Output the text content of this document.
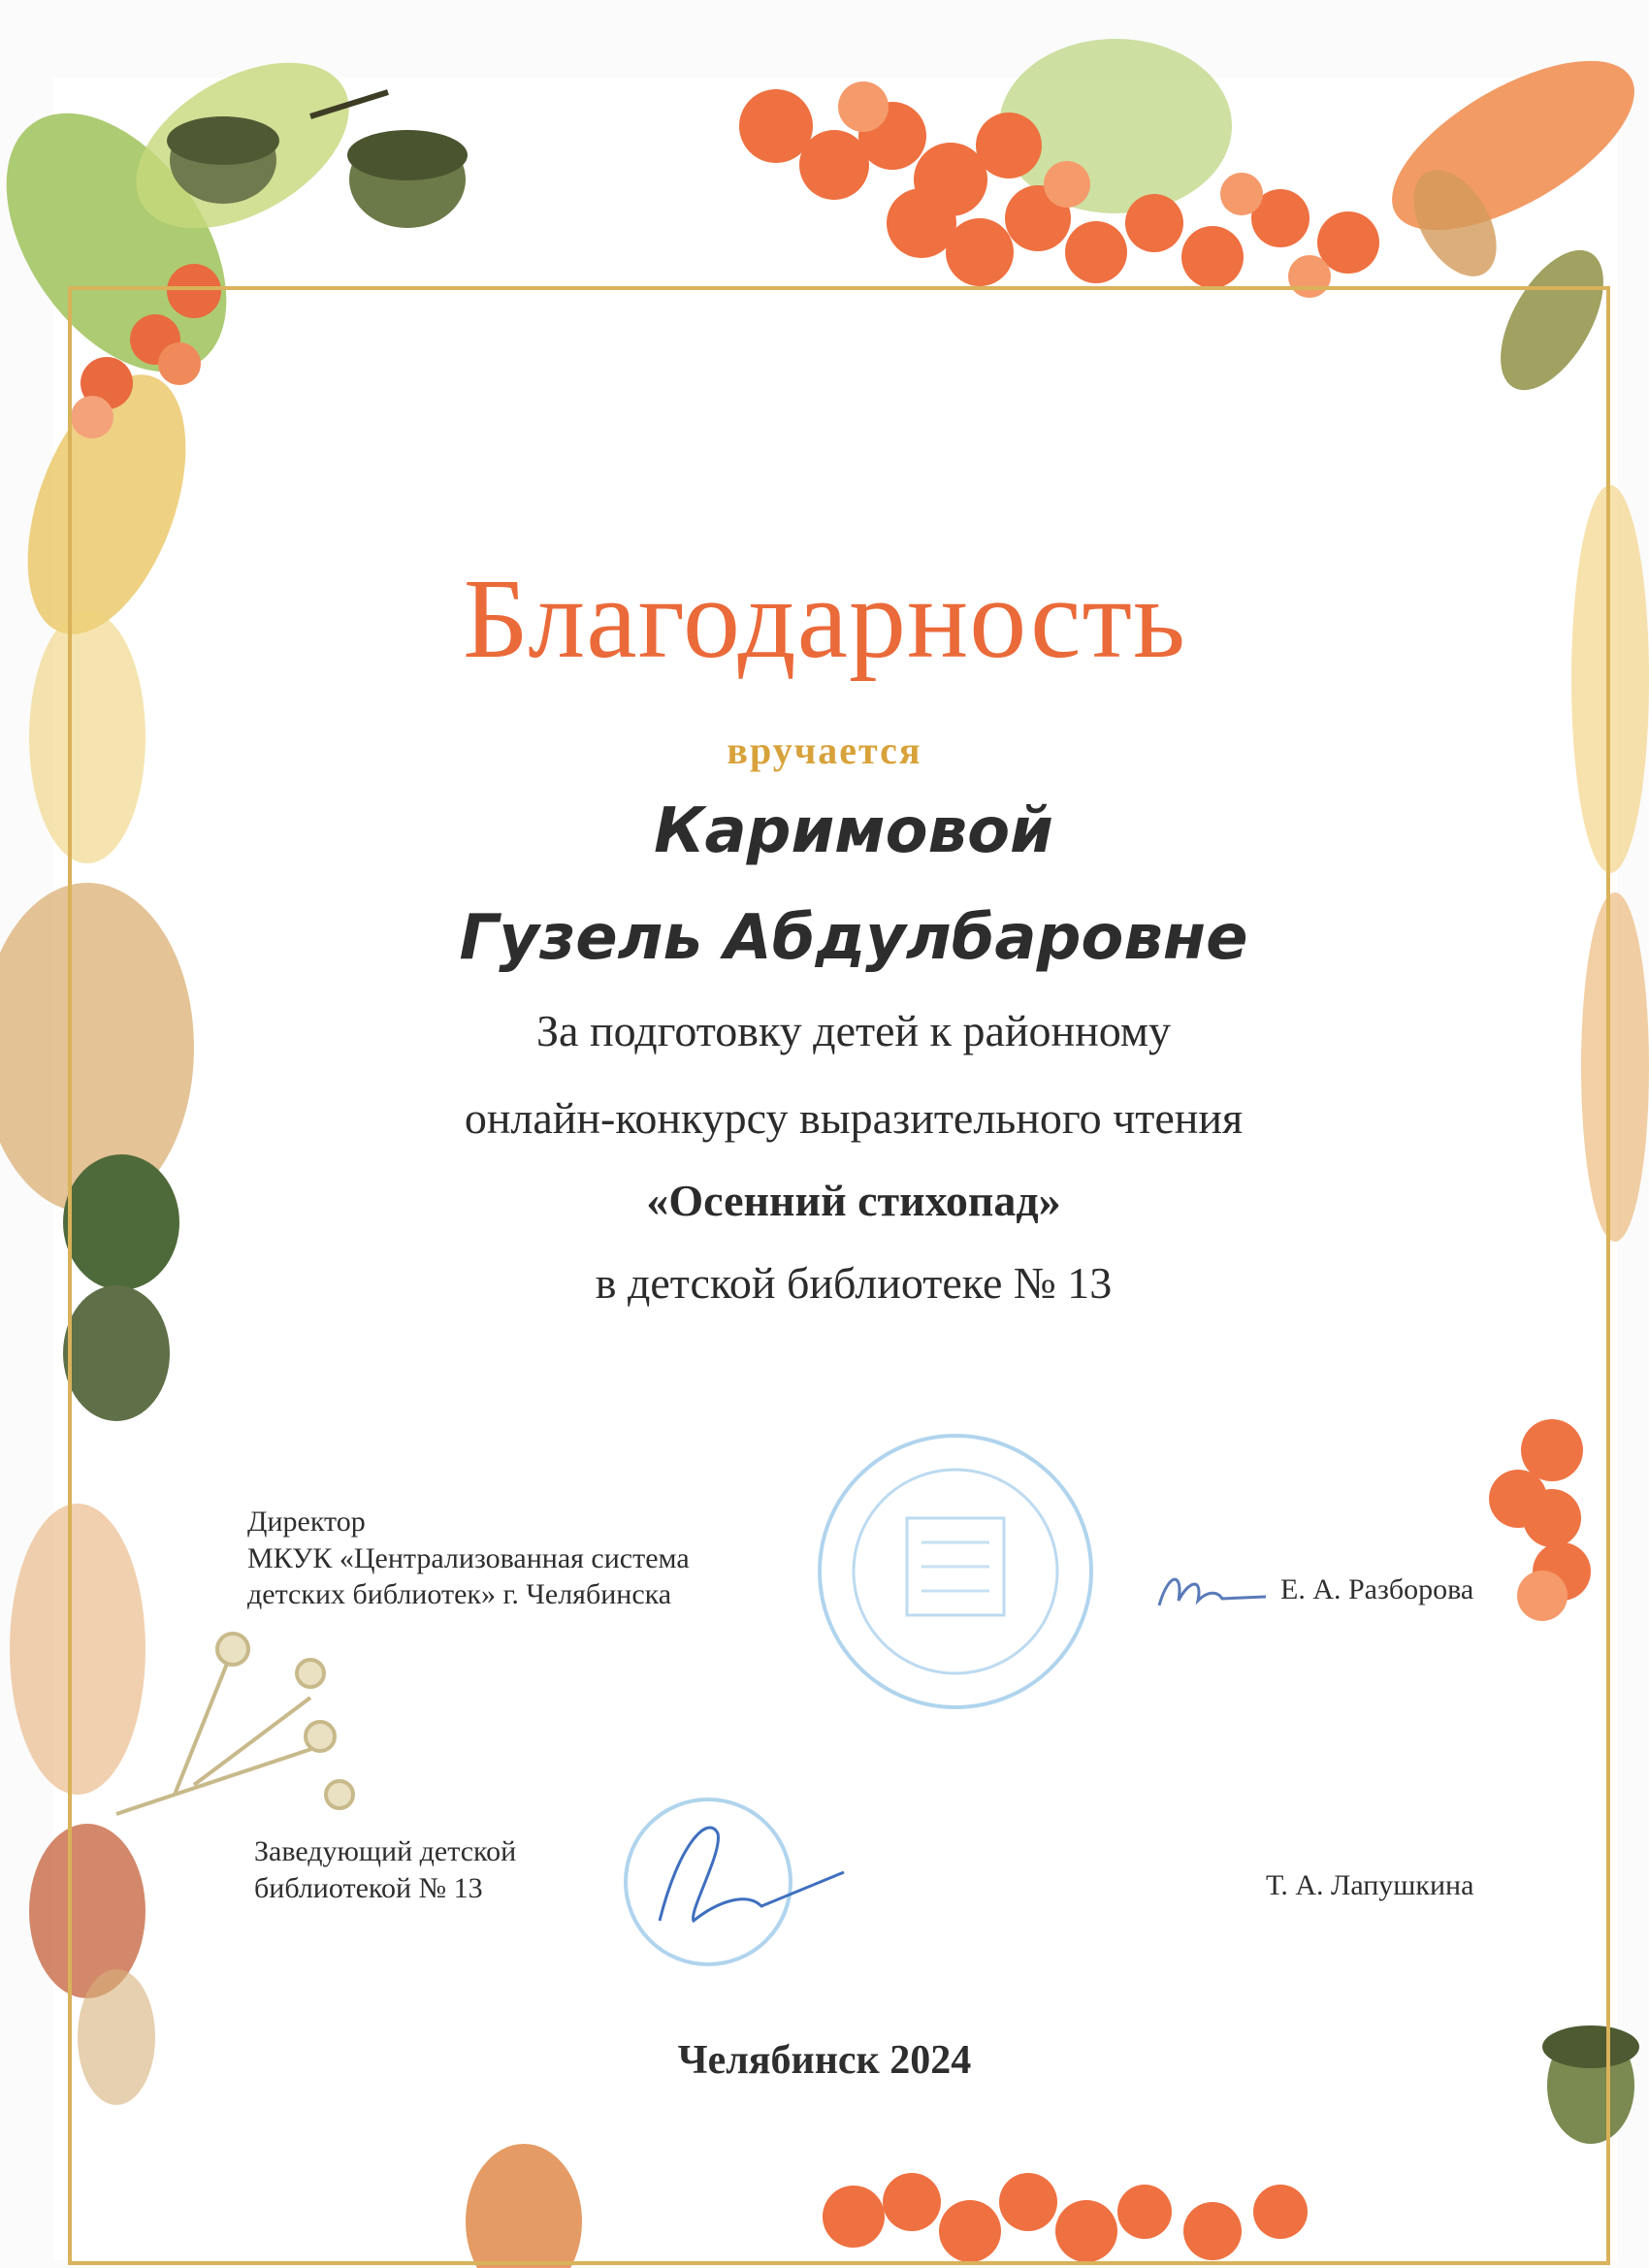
Благодарность

вручается

Каримовой

Гузель Абдулбаровне

За подготовку детей к районному

онлайн-конкурсу выразительного чтения

«Осенний стихопад»

в детской библиотеке № 13

Директор
МКУК «Централизованная система
детских библиотек» г. Челябинска	Е. А. Разборова
Заведующий детской
библиотекой № 13	Т. А. Лапушкина

Челябинск 2024
